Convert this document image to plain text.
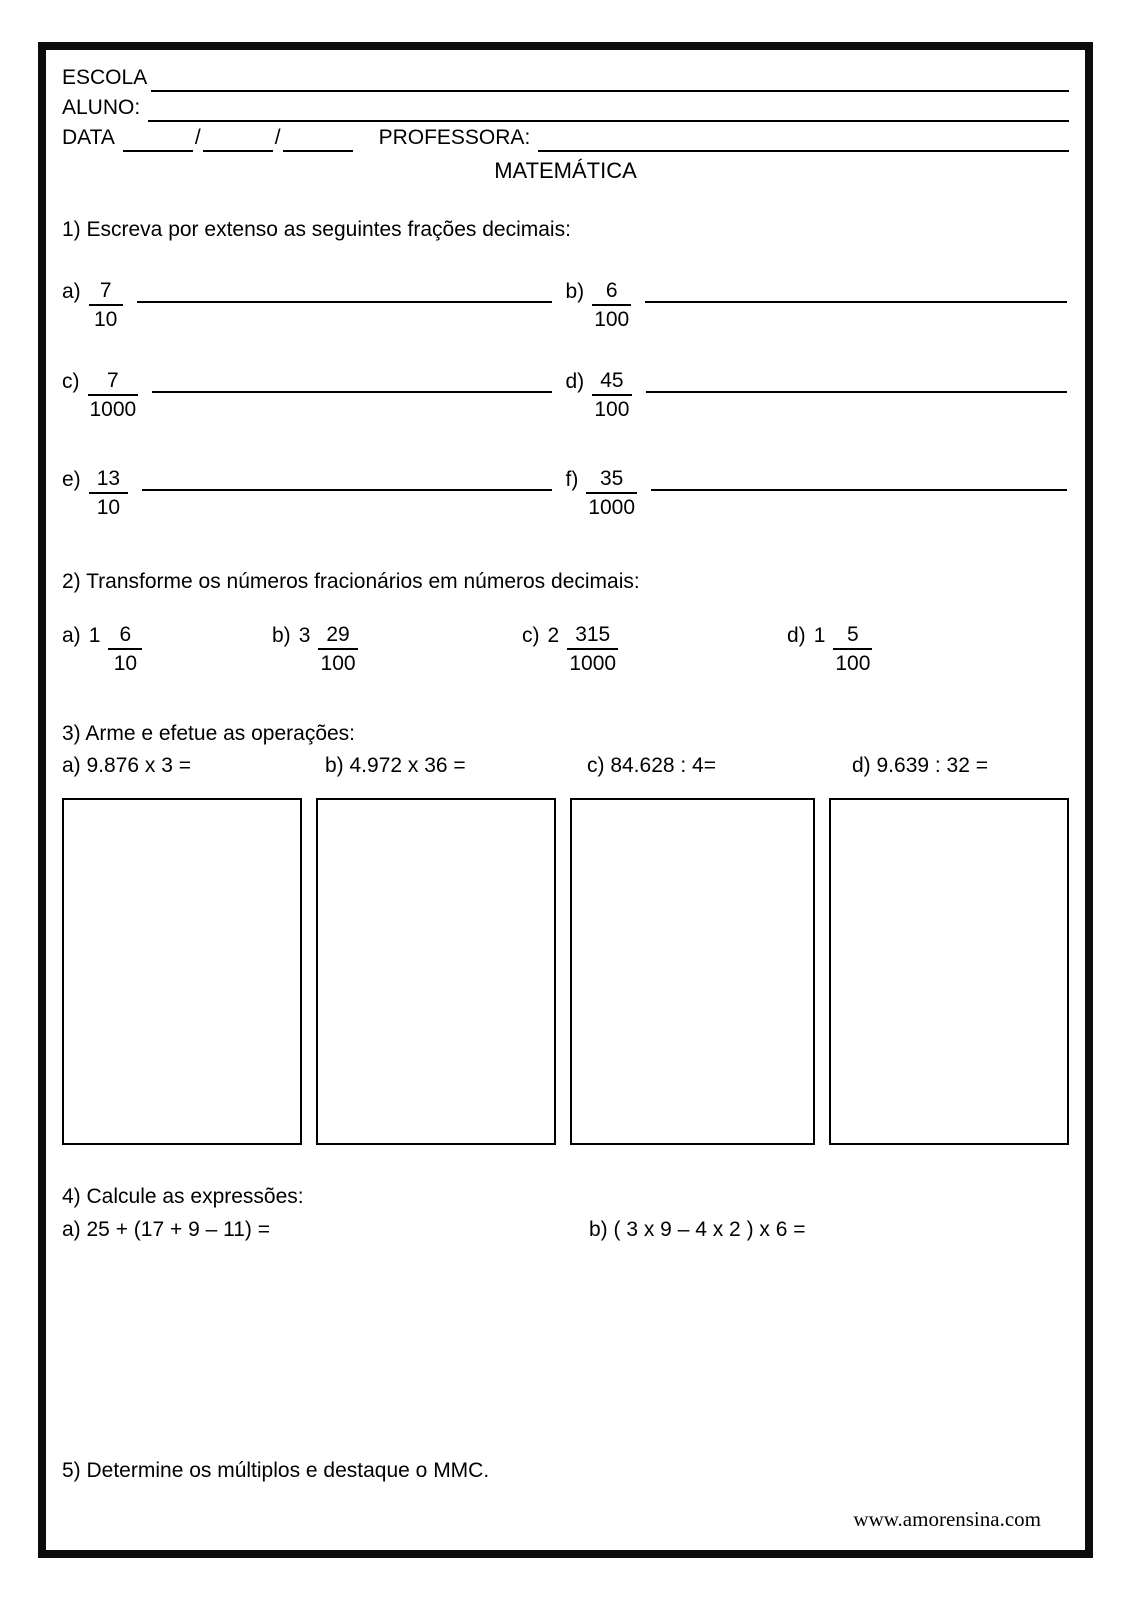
ESCOLA
ALUNO:
DATA	/	/	PROFESSORA:
MATEMÁTICA
1) Escreva por extenso as seguintes frações decimais:
$a) \frac{7}{10}$	$b) \frac{6}{100}$
$c) \frac{7}{1000}$	$d) \frac{45}{100}$
$e) \frac{13}{10}$	$f) \frac{35}{1000}$
2) Transforme os números fracionários em números decimais:
a) $1 \frac{6}{10}$	b) $3 \frac{29}{100}$	c) $2 \frac{315}{1000}$	d) $1 \frac{5}{100}$
3) Arme e efetue as operações:
a) 9.876 x 3 =	b) 4.972 x 36 =	c) 84.628 : 4=	d) 9.639 : 32 =
4) Calcule as expressões:
a) 25 + (17 + 9 – 11) =	b) ( 3 x 9 – 4 x 2 ) x 6 =
5) Determine os múltiplos e destaque o MMC.
www.amorensina.com
